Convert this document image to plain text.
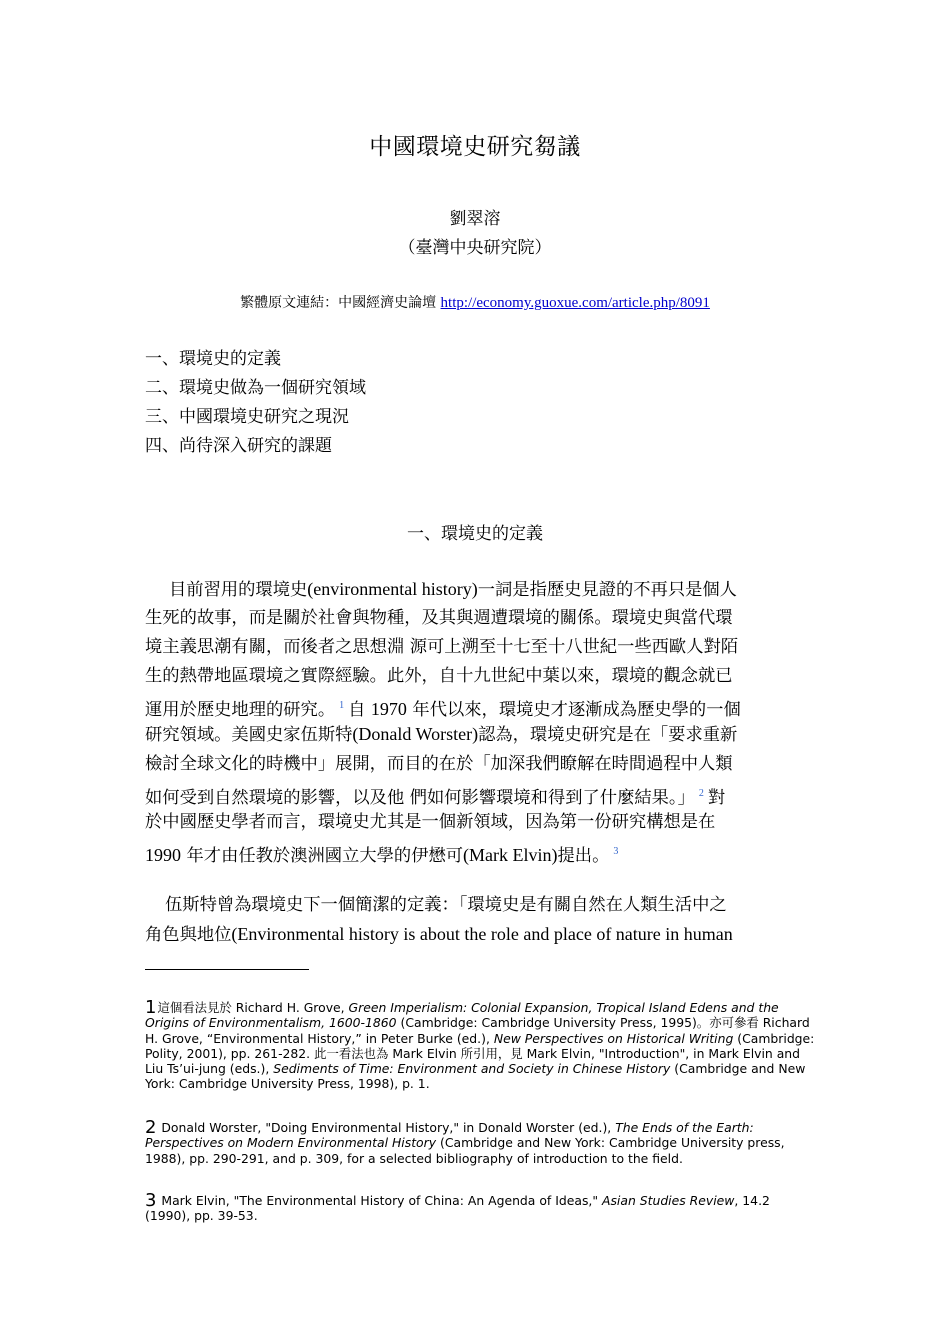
中國環境史研究芻議
劉翠溶
（臺灣中央研究院）
繁體原文連結：中國經濟史論壇 http://economy.guoxue.com/article.php/8091
一、環境史的定義
二、環境史做為一個研究領域
三、中國環境史研究之現況
四、尚待深入研究的課題
一、環境史的定義
目前習用的環境史(environmental history)一詞是指歷史見證的不再只是個人
生死的故事，而是關於社會與物種，及其與週遭環境的關係。環境史與當代環
境主義思潮有關，而後者之思想淵 源可上溯至十七至十八世紀一些西歐人對陌
生的熱帶地區環境之實際經驗。此外，自十九世紀中葉以來，環境的觀念就已
運用於歷史地理的研究。 $^1$ 自 1970 年代以來，環境史才逐漸成為歷史學的一個
研究領域。美國史家伍斯特(Donald Worster)認為，環境史研究是在「要求重新
檢討全球文化的時機中」展開，而目的在於「加深我們瞭解在時間過程中人類
如何受到自然環境的影響，以及他 們如何影響環境和得到了什麼結果。」 $^2$ 對
於中國歷史學者而言，環境史尤其是一個新領域，因為第一份研究構想是在
1990 年才由任教於澳洲國立大學的伊懋可(Mark Elvin)提出。 $^3$
伍斯特曾為環境史下一個簡潔的定義：「環境史是有關自然在人類生活中之
角色與地位(Environmental history is about the role and place of nature in human
1這個看法見於 Richard H. Grove, Green Imperialism: Colonial Expansion, Tropical Island Edens and the Origins of Environmentalism, 1600-1860 (Cambridge: Cambridge University Press, 1995)。亦可參看 Richard H. Grove, “Environmental History,” in Peter Burke (ed.), New Perspectives on Historical Writing (Cambridge: Polity, 2001), pp. 261-282. 此一看法也為 Mark Elvin 所引用，見 Mark Elvin, "Introduction", in Mark Elvin and Liu Ts’ui-jung (eds.), Sediments of Time: Environment and Society in Chinese History (Cambridge and New York: Cambridge University Press, 1998), p. 1.
2 Donald Worster, "Doing Environmental History," in Donald Worster (ed.), The Ends of the Earth: Perspectives on Modern Environmental History (Cambridge and New York: Cambridge University press, 1988), pp. 290-291, and p. 309, for a selected bibliography of introduction to the field.
3 Mark Elvin, "The Environmental History of China: An Agenda of Ideas," Asian Studies Review, 14.2 (1990), pp. 39-53.
